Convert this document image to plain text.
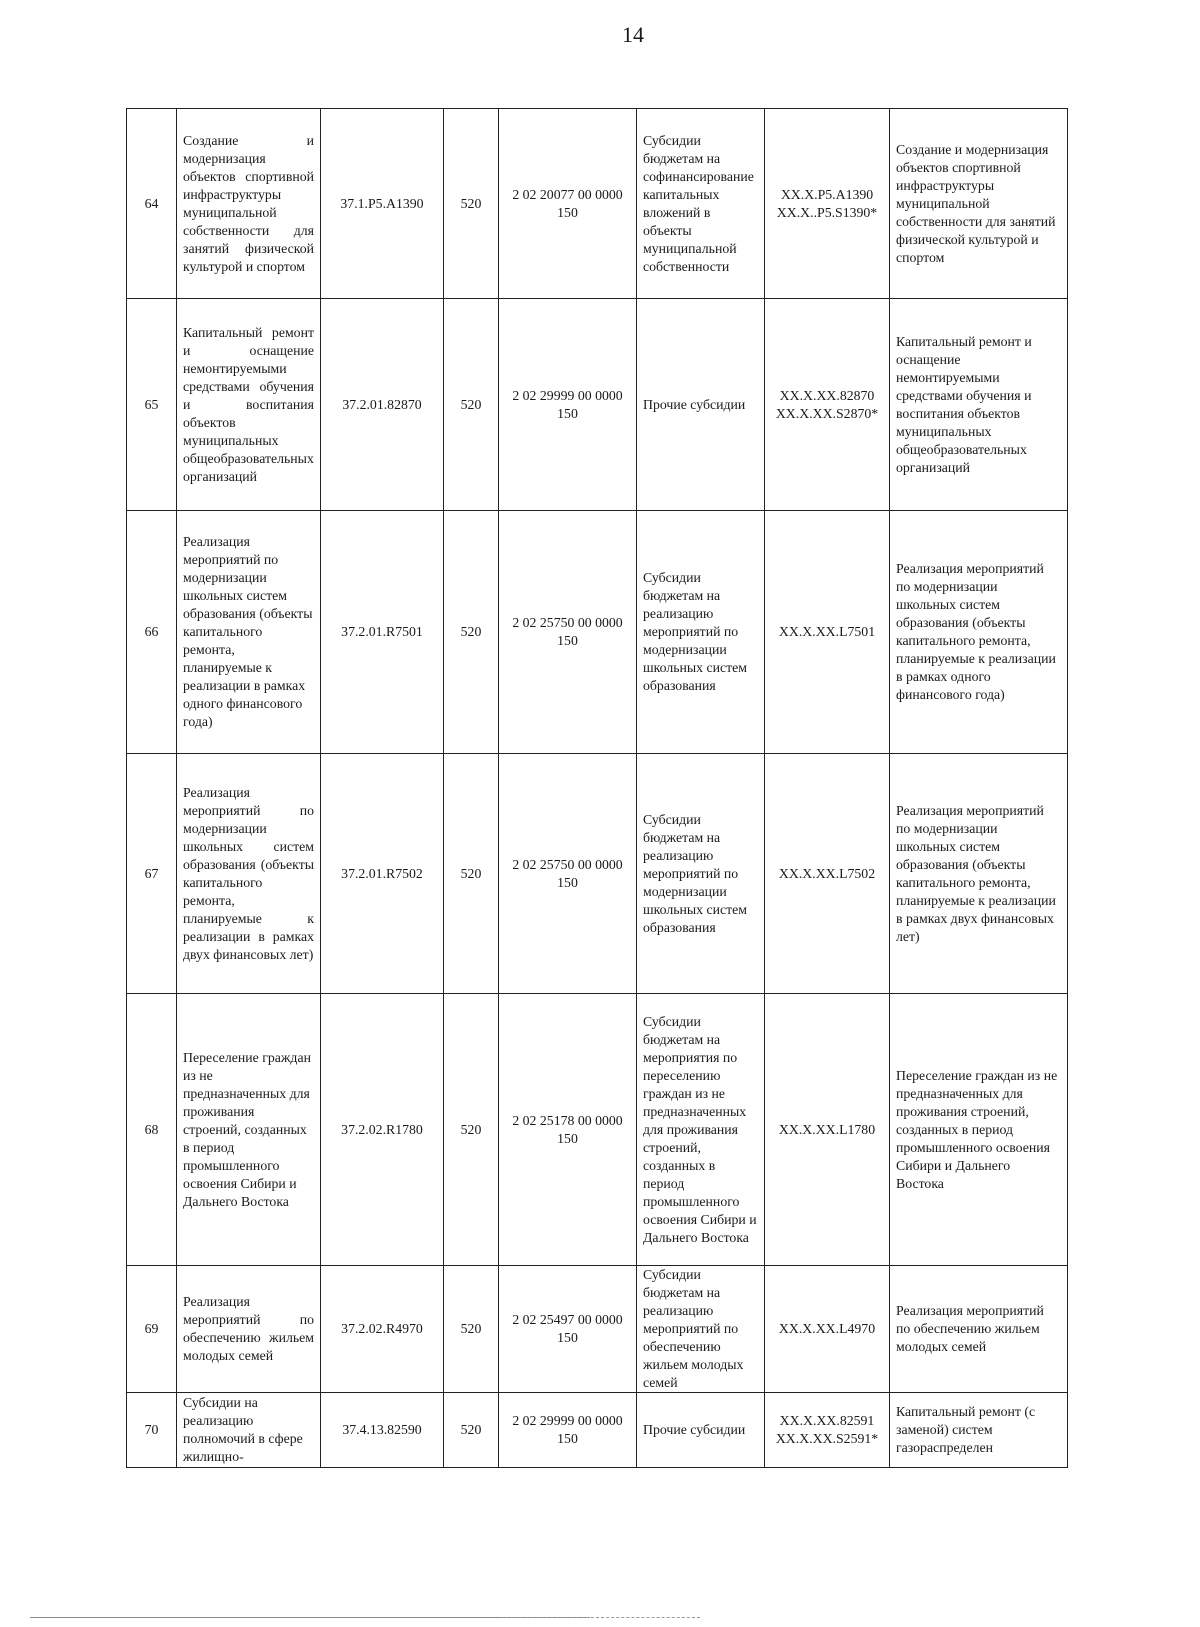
14
64	Создание и модернизация объектов спортивной инфраструктуры муниципальной собственности для занятий физической культурой и спортом	37.1.P5.A1390	520	2 02 20077 00 0000 150	Субсидии бюджетам на софинансирование капитальных вложений в объекты муниципальной собственности	XX.X.P5.A1390 XX.X..P5.S1390*	Создание и модернизация объектов спортивной инфраструктуры муниципальной собственности для занятий физической культурой и спортом
65	Капитальный ремонт и оснащение немонтируемыми средствами обучения и воспитания объектов муниципальных общеобразовательных организаций	37.2.01.82870	520	2 02 29999 00 0000 150	Прочие субсидии	XX.X.XX.82870 XX.X.XX.S2870*	Капитальный ремонт и оснащение немонтируемыми средствами обучения и воспитания объектов муниципальных общеобразовательных организаций
66	Реализация мероприятий по модернизации школьных систем образования (объекты капитального ремонта, планируемые к реализации в рамках одного финансового года)	37.2.01.R7501	520	2 02 25750 00 0000 150	Субсидии бюджетам на реализацию мероприятий по модернизации школьных систем образования	XX.X.XX.L7501	Реализация мероприятий по модернизации школьных систем образования (объекты капитального ремонта, планируемые к реализации в рамках одного финансового года)
67	Реализация мероприятий по модернизации школьных систем образования (объекты капитального ремонта, планируемые к реализации в рамках двух финансовых лет)	37.2.01.R7502	520	2 02 25750 00 0000 150	Субсидии бюджетам на реализацию мероприятий по модернизации школьных систем образования	XX.X.XX.L7502	Реализация мероприятий по модернизации школьных систем образования (объекты капитального ремонта, планируемые к реализации в рамках двух финансовых лет)
68	Переселение граждан из не предназначенных для проживания строений, созданных в период промышленного освоения Сибири и Дальнего Востока	37.2.02.R1780	520	2 02 25178 00 0000 150	Субсидии бюджетам на мероприятия по переселению граждан из не предназначенных для проживания строений, созданных в период промышленного освоения Сибири и Дальнего Востока	XX.X.XX.L1780	Переселение граждан из не предназначенных для проживания строений, созданных в период промышленного освоения Сибири и Дальнего Востока
69	Реализация мероприятий по обеспечению жильем молодых семей	37.2.02.R4970	520	2 02 25497 00 0000 150	Субсидии бюджетам на реализацию мероприятий по обеспечению жильем молодых семей	XX.X.XX.L4970	Реализация мероприятий по обеспечению жильем молодых семей
70	Субсидии на реализацию полномочий в сфере жилищно-	37.4.13.82590	520	2 02 29999 00 0000 150	Прочие субсидии	XX.X.XX.82591 XX.X.XX.S2591*	Капитальный ремонт (с заменой) систем газораспределен
